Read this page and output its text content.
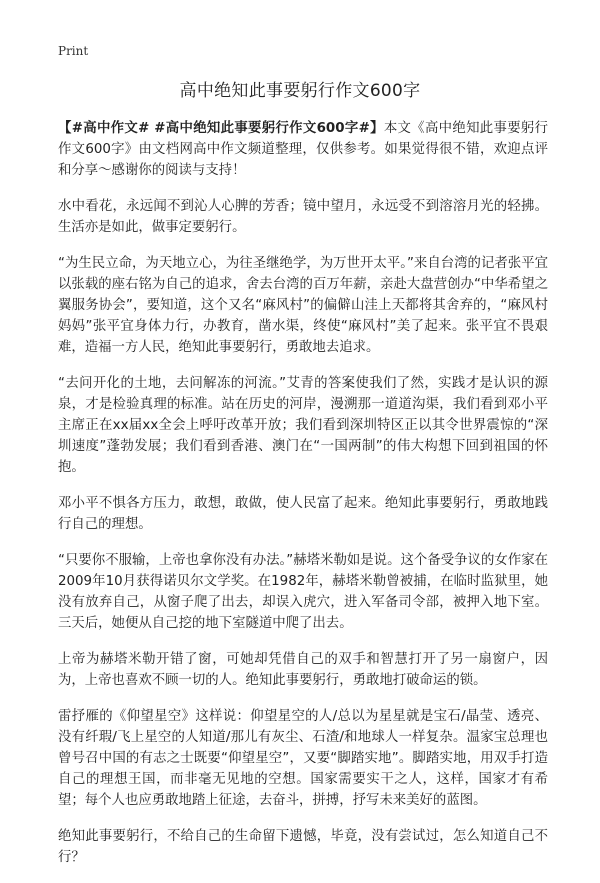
Print
高中绝知此事要躬行作文600字

【#高中作文# #高中绝知此事要躬行作文600字#】本文《高中绝知此事要躬行作文600字》由文档网高中作文频道整理，仅供参考。如果觉得很不错，欢迎点评和分享～感谢你的阅读与支持！

水中看花，永远闻不到沁人心脾的芳香；镜中望月，永远受不到溶溶月光的轻拂。生活亦是如此，做事定要躬行。

“为生民立命，为天地立心，为往圣继绝学，为万世开太平。”来自台湾的记者张平宜以张载的座右铭为自己的追求，舍去台湾的百万年薪，亲赴大盘营创办“中华希望之翼服务协会”，要知道，这个又名“麻风村”的偏僻山洼上天都将其舍弃的，“麻风村妈妈”张平宜身体力行，办教育，凿水渠，终使“麻风村”美了起来。张平宜不畏艰难，造福一方人民，绝知此事要躬行，勇敢地去追求。

“去问开化的土地，去问解冻的河流。”艾青的答案使我们了然，实践才是认识的源泉，才是检验真理的标准。站在历史的河岸，漫溯那一道道沟渠，我们看到邓小平主席正在xx届xx全会上呼吁改革开放；我们看到深圳特区正以其令世界震惊的“深圳速度”蓬勃发展；我们看到香港、澳门在“一国两制”的伟大构想下回到祖国的怀抱。

邓小平不惧各方压力，敢想，敢做，使人民富了起来。绝知此事要躬行，勇敢地践行自己的理想。

“只要你不服输，上帝也拿你没有办法。”赫塔米勒如是说。这个备受争议的女作家在2009年10月获得诺贝尔文学奖。在1982年，赫塔米勒曾被捕，在临时监狱里，她没有放弃自己，从窗子爬了出去，却误入虎穴，进入军备司令部，被押入地下室。三天后，她便从自己挖的地下室隧道中爬了出去。

上帝为赫塔米勒开错了窗，可她却凭借自己的双手和智慧打开了另一扇窗户，因为，上帝也喜欢不顾一切的人。绝知此事要躬行，勇敢地打破命运的锁。

雷抒雁的《仰望星空》这样说：仰望星空的人/总以为星星就是宝石/晶莹、透亮、没有纤瑕/飞上星空的人知道/那儿有灰尘、石渣/和地球人一样复杂。温家宝总理也曾号召中国的有志之士既要“仰望星空”，又要“脚踏实地”。脚踏实地，用双手打造自己的理想王国，而非毫无见地的空想。国家需要实干之人，这样，国家才有希望；每个人也应勇敢地踏上征途，去奋斗，拼搏，抒写未来美好的蓝图。

绝知此事要躬行，不给自己的生命留下遗憾，毕竟，没有尝试过，怎么知道自己不行？
